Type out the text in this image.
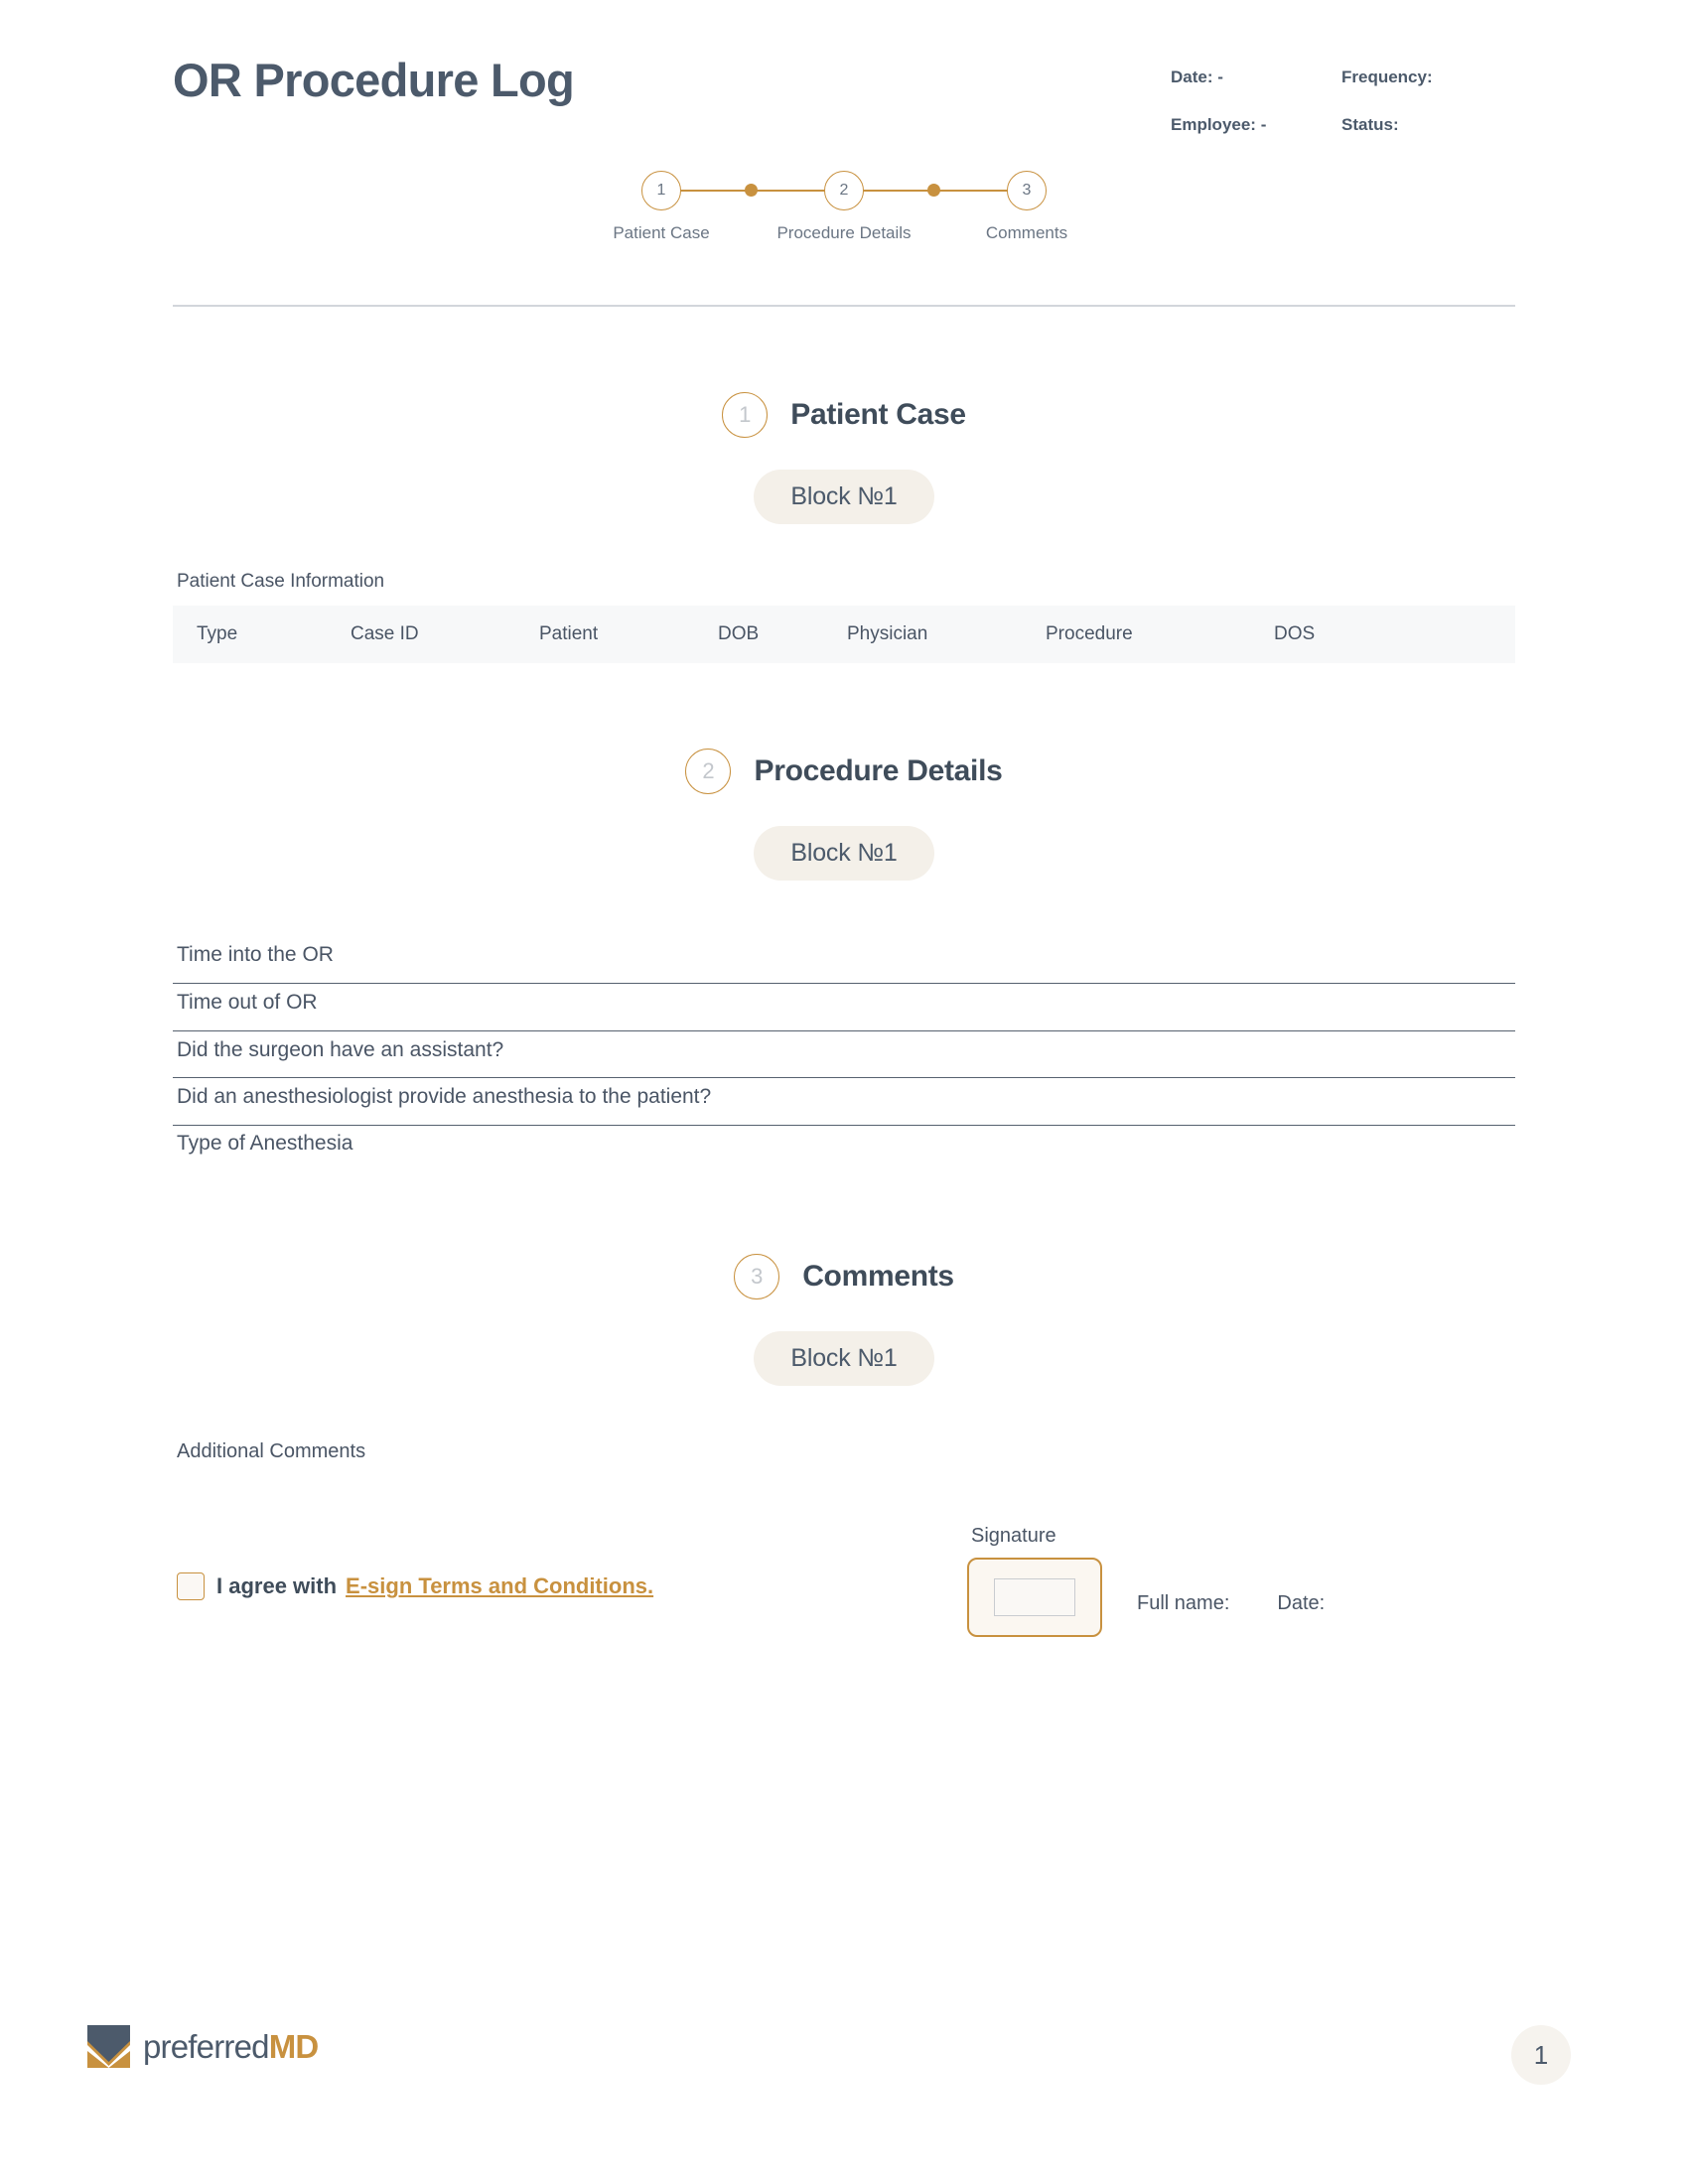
OR Procedure Log	Date: -	Frequency:
Employee: -	Status:
1
Patient Case
2
Procedure Details
3
Comments
1	Patient Case
Block №1
Patient Case Information
Type	Case ID	Patient	DOB	Physician	Procedure	DOS
2	Procedure Details
Block №1
Time into the OR
Time out of OR
Did the surgeon have an assistant?
Did an anesthesiologist provide anesthesia to the patient?
Type of Anesthesia
3	Comments
Block №1
Additional Comments
I agree with E-sign Terms and Conditions.
Signature
Full name: Date:
preferredMD	1
